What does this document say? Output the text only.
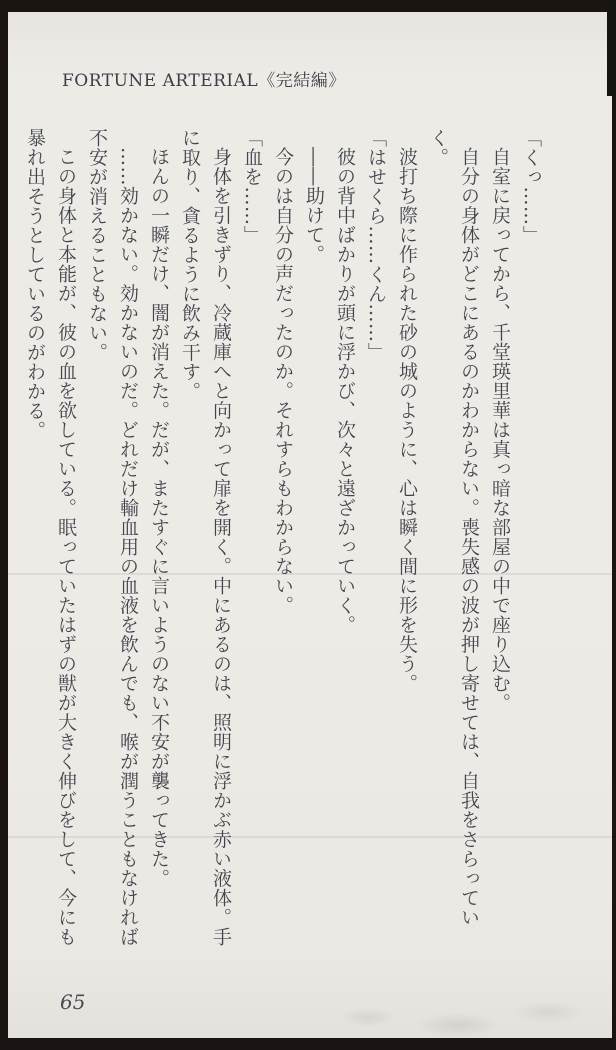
FORTUNE ARTERIAL《完結編》

「くっ……」

自室に戻ってから、千堂瑛里華は真っ暗な部屋の中で座り込む。

自分の身体がどこにあるのかわからない。喪失感の波が押し寄せては、自我をさらっていく。

波打ち際に作られた砂の城のように、心は瞬く間に形を失う。

「はせくら……くん……」

彼の背中ばかりが頭に浮かび、次々と遠ざかっていく。

――助けて。

今のは自分の声だったのか。それすらもわからない。

「血を……」

身体を引きずり、冷蔵庫へと向かって扉を開く。中にあるのは、照明に浮かぶ赤い液体。手

に取り、貪るように飲み干す。

ほんの一瞬だけ、闇が消えた。だが、またすぐに言いようのない不安が襲ってきた。

……効かない。効かないのだ。どれだけ輸血用の血液を飲んでも、喉が潤うこともなければ

不安が消えることもない。

この身体と本能が、彼の血を欲している。眠っていたはずの獣が大きく伸びをして、今にも

暴れ出そうとしているのがわかる。

65
